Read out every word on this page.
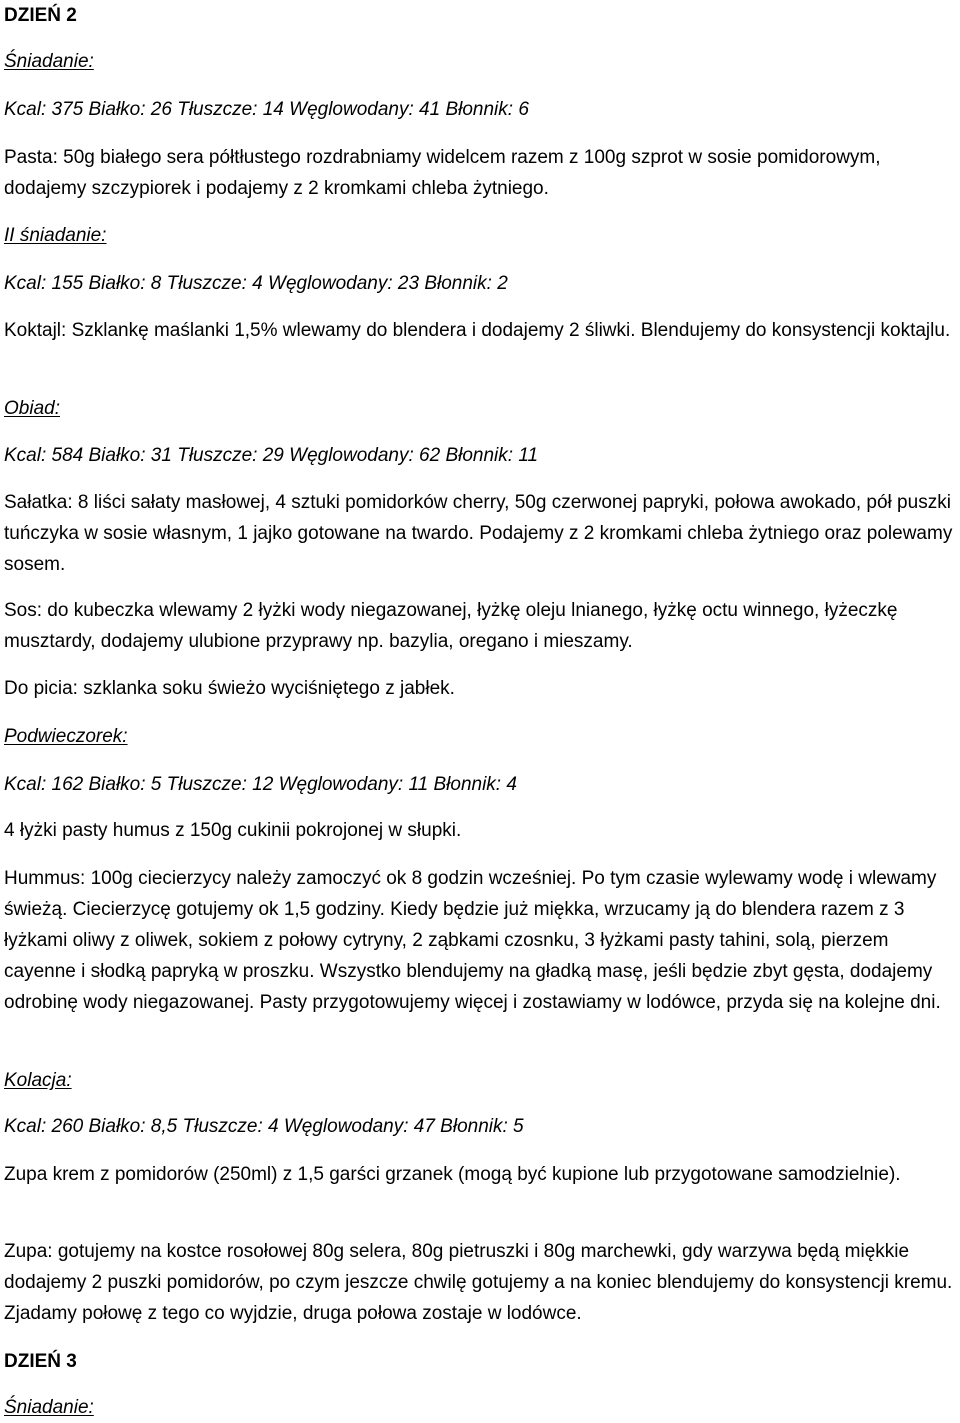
DZIEŃ 2
Śniadanie:
Kcal: 375 Białko: 26 Tłuszcze: 14 Węglowodany: 41 Błonnik: 6
Pasta: 50g białego sera półtłustego rozdrabniamy widelcem razem z 100g szprot w sosie pomidorowym, dodajemy szczypiorek i podajemy z 2 kromkami chleba żytniego.
II śniadanie:
Kcal: 155 Białko: 8 Tłuszcze: 4 Węglowodany: 23 Błonnik: 2
Koktajl: Szklankę maślanki 1,5% wlewamy do blendera i dodajemy 2 śliwki. Blendujemy do konsystencji koktajlu.
Obiad:
Kcal: 584 Białko: 31 Tłuszcze: 29 Węglowodany: 62 Błonnik: 11
Sałatka: 8 liści sałaty masłowej, 4 sztuki pomidorków cherry, 50g czerwonej papryki, połowa awokado, pół puszki tuńczyka w sosie własnym, 1 jajko gotowane na twardo. Podajemy z 2 kromkami chleba żytniego oraz polewamy sosem.
Sos: do kubeczka wlewamy 2 łyżki wody niegazowanej, łyżkę oleju lnianego, łyżkę octu winnego, łyżeczkę musztardy, dodajemy ulubione przyprawy np. bazylia, oregano i mieszamy.
Do picia: szklanka soku świeżo wyciśniętego z jabłek.
Podwieczorek:
Kcal: 162 Białko: 5 Tłuszcze: 12 Węglowodany: 11 Błonnik: 4
4 łyżki pasty humus z 150g cukinii pokrojonej w słupki.
Hummus: 100g ciecierzycy należy zamoczyć ok 8 godzin wcześniej. Po tym czasie wylewamy wodę i wlewamy świeżą. Ciecierzycę gotujemy ok 1,5 godziny. Kiedy będzie już miękka, wrzucamy ją do blendera razem z 3 łyżkami oliwy z oliwek, sokiem z połowy cytryny, 2 ząbkami czosnku, 3 łyżkami pasty tahini, solą, pierzem cayenne i słodką papryką w proszku. Wszystko blendujemy na gładką masę, jeśli będzie zbyt gęsta, dodajemy odrobinę wody niegazowanej. Pasty przygotowujemy więcej i zostawiamy w lodówce, przyda się na kolejne dni.
Kolacja:
Kcal: 260 Białko: 8,5 Tłuszcze: 4 Węglowodany: 47 Błonnik: 5
Zupa krem z pomidorów (250ml) z 1,5 garści grzanek (mogą być kupione lub przygotowane samodzielnie).
Zupa: gotujemy na kostce rosołowej 80g selera, 80g pietruszki i 80g marchewki, gdy warzywa będą miękkie dodajemy 2 puszki pomidorów, po czym jeszcze chwilę gotujemy a na koniec blendujemy do konsystencji kremu. Zjadamy połowę z tego co wyjdzie, druga połowa zostaje w lodówce.
DZIEŃ 3
Śniadanie:
